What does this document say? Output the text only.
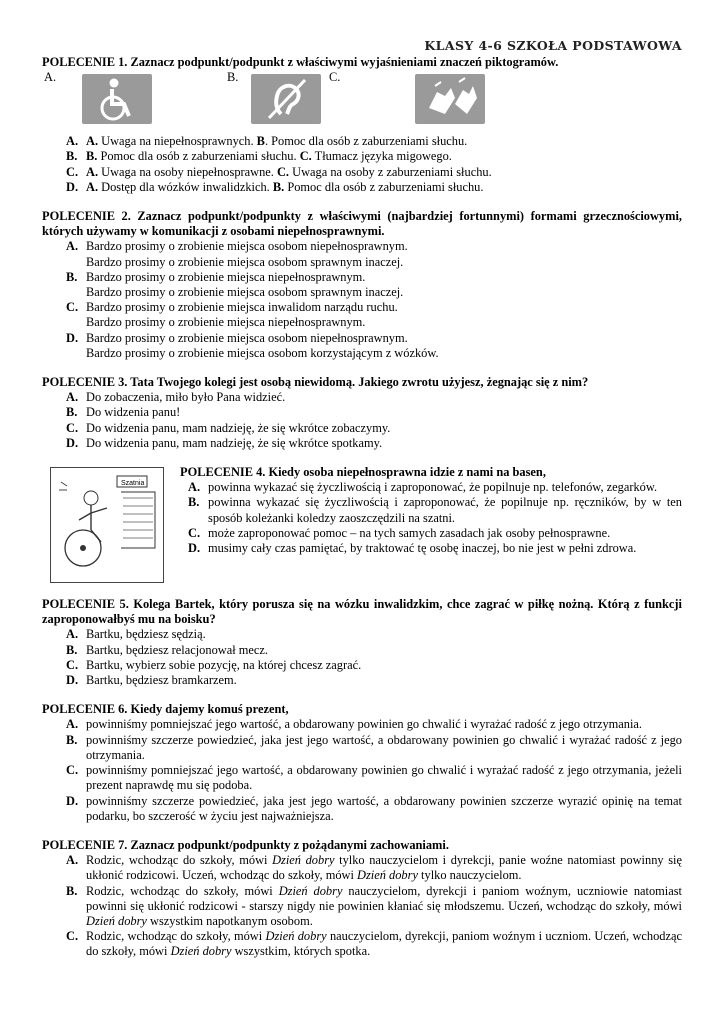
KLASY 4-6 SZKOŁA PODSTAWOWA
POLECENIE 1. Zaznacz podpunkt/podpunkt z właściwymi wyjaśnieniami znaczeń piktogramów.
A.	B.	C.
A. A. Uwaga na niepełnosprawnych. B. Pomoc dla osób z zaburzeniami słuchu.
B. B. Pomoc dla osób z zaburzeniami słuchu. C. Tłumacz języka migowego.
C. A. Uwaga na osoby niepełnosprawne. C. Uwaga na osoby z zaburzeniami słuchu.
D. A. Dostęp dla wózków inwalidzkich. B. Pomoc dla osób z zaburzeniami słuchu.
POLECENIE 2. Zaznacz podpunkt/podpunkty z właściwymi (najbardziej fortunnymi) formami grzecznościowymi, których używamy w komunikacji z osobami niepełnosprawnymi.
A. Bardzo prosimy o zrobienie miejsca osobom niepełnosprawnym.
Bardzo prosimy o zrobienie miejsca osobom sprawnym inaczej.
B. Bardzo prosimy o zrobienie miejsca niepełnosprawnym.
Bardzo prosimy o zrobienie miejsca osobom sprawnym inaczej.
C. Bardzo prosimy o zrobienie miejsca inwalidom narządu ruchu.
Bardzo prosimy o zrobienie miejsca niepełnosprawnym.
D. Bardzo prosimy o zrobienie miejsca osobom niepełnosprawnym.
Bardzo prosimy o zrobienie miejsca osobom korzystającym z wózków.
POLECENIE 3. Tata Twojego kolegi jest osobą niewidomą. Jakiego zwrotu użyjesz, żegnając się z nim?
A. Do zobaczenia, miło było Pana widzieć.
B. Do widzenia panu!
C. Do widzenia panu, mam nadzieję, że się wkrótce zobaczymy.
D. Do widzenia panu, mam nadzieję, że się wkrótce spotkamy.
Szatnia
POLECENIE 4. Kiedy osoba niepełnosprawna idzie z nami na basen,
A. powinna wykazać się życzliwością i zaproponować, że popilnuje np. telefonów, zegarków.
B. powinna wykazać się życzliwością i zaproponować, że popilnuje np. ręczników, by w ten sposób koleżanki koledzy zaoszczędzili na szatni.
C. może zaproponować pomoc – na tych samych zasadach jak osoby pełnosprawne.
D. musimy cały czas pamiętać, by traktować tę osobę inaczej, bo nie jest w pełni zdrowa.
POLECENIE 5. Kolega Bartek, który porusza się na wózku inwalidzkim, chce zagrać w piłkę nożną. Którą z funkcji zaproponowałbyś mu na boisku?
A. Bartku, będziesz sędzią.
B. Bartku, będziesz relacjonował mecz.
C. Bartku, wybierz sobie pozycję, na której chcesz zagrać.
D. Bartku, będziesz bramkarzem.
POLECENIE 6. Kiedy dajemy komuś prezent,
A. powinniśmy pomniejszać jego wartość, a obdarowany powinien go chwalić i wyrażać radość z jego otrzymania.
B. powinniśmy szczerze powiedzieć, jaka jest jego wartość, a obdarowany powinien go chwalić i wyrażać radość z jego otrzymania.
C. powinniśmy pomniejszać jego wartość, a obdarowany powinien go chwalić i wyrażać radość z jego otrzymania, jeżeli prezent naprawdę mu się podoba.
D. powinniśmy szczerze powiedzieć, jaka jest jego wartość, a obdarowany powinien szczerze wyrazić opinię na temat podarku, bo szczerość w życiu jest najważniejsza.
POLECENIE 7. Zaznacz podpunkt/podpunkty z pożądanymi zachowaniami.
A. Rodzic, wchodząc do szkoły, mówi Dzień dobry tylko nauczycielom i dyrekcji, panie woźne natomiast powinny się ukłonić rodzicowi. Uczeń, wchodząc do szkoły, mówi Dzień dobry tylko nauczycielom.
B. Rodzic, wchodząc do szkoły, mówi Dzień dobry nauczycielom, dyrekcji i paniom woźnym, uczniowie natomiast powinni się ukłonić rodzicowi - starszy nigdy nie powinien kłaniać się młodszemu. Uczeń, wchodząc do szkoły, mówi Dzień dobry wszystkim napotkanym osobom.
C. Rodzic, wchodząc do szkoły, mówi Dzień dobry nauczycielom, dyrekcji, paniom woźnym i uczniom. Uczeń, wchodząc do szkoły, mówi Dzień dobry wszystkim, których spotka.
